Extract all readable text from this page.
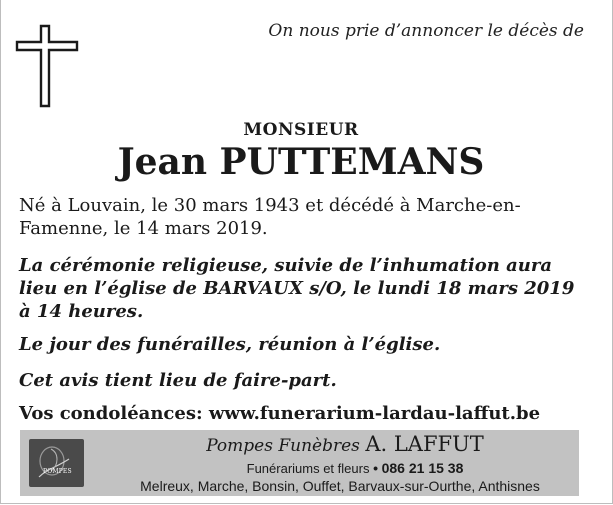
On nous prie d’annoncer le décès de
MONSIEUR
Jean PUTTEMANS
Né à Louvain, le 30 mars 1943 et décédé à Marche-en-
Famenne, le 14 mars 2019.
La cérémonie religieuse, suivie de l’inhumation aura
lieu en l’église de BARVAUX s/O, le lundi 18 mars 2019
à 14 heures.
Le jour des funérailles, réunion à l’église.
Cet avis tient lieu de faire-part.
Vos condoléances: www.funerarium-lardau-laffut.be
POMPES
Pompes Funèbres A. LAFFUT
Funérariums et fleurs • 086 21 15 38
Melreux, Marche, Bonsin, Ouffet, Barvaux-sur-Ourthe, Anthisnes
